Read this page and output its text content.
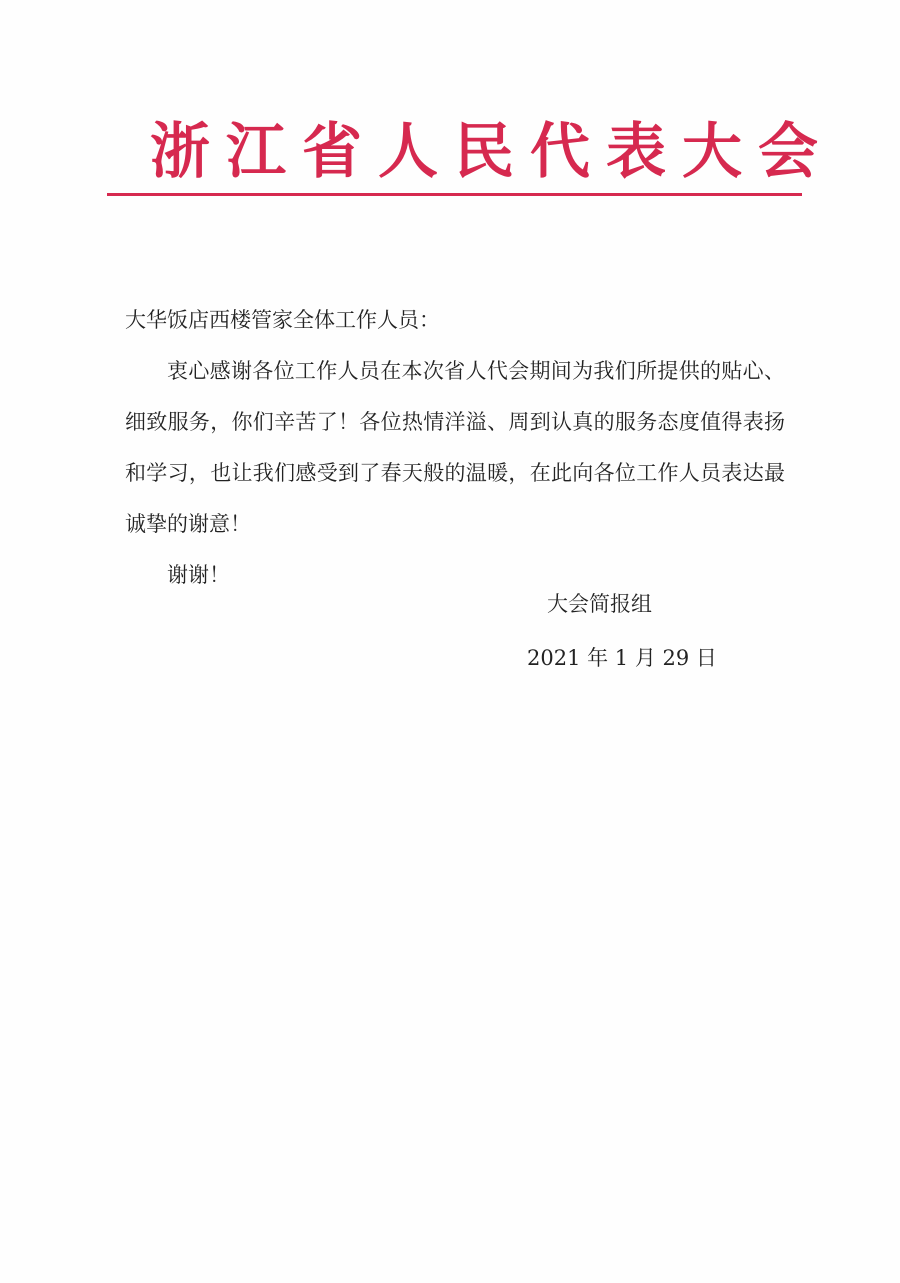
浙江省人民代表大会

大华饭店西楼管家全体工作人员：

衷心感谢各位工作人员在本次省人代会期间为我们所提供的贴心、细致服务，你们辛苦了！各位热情洋溢、周到认真的服务态度值得表扬和学习，也让我们感受到了春天般的温暖，在此向各位工作人员表达最诚挚的谢意！

谢谢！

大会简报组
2021 年 1 月 29 日
